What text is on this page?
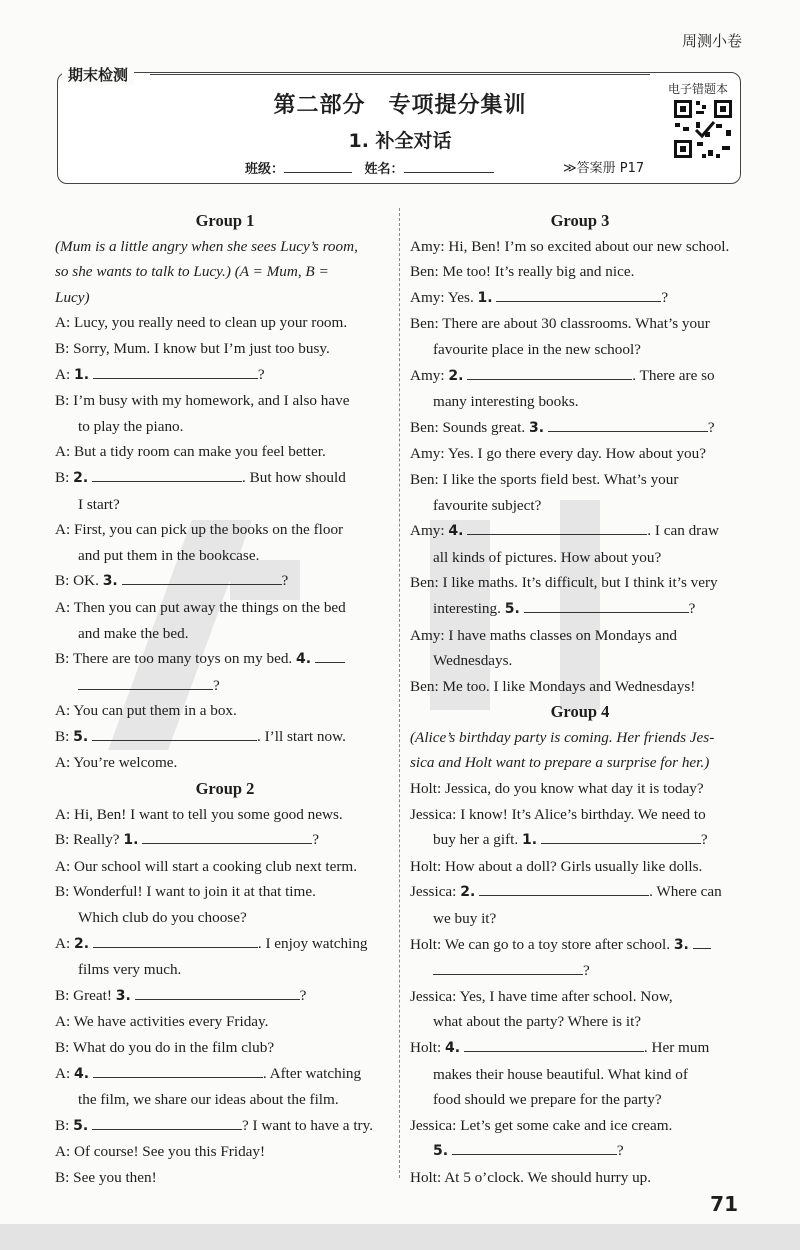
周测小卷
期末检测
第二部分　专项提分集训
1. 补全对话
班级：	姓名：	≫答案册 P17
电子错题本
Group 1
(Mum is a little angry when she sees Lucy’s room,
so she wants to talk to Lucy.) (A = Mum, B =
Lucy)
A: Lucy, you really need to clean up your room.
B: Sorry, Mum. I know but I’m just too busy.
A: 1.	?
B: I’m busy with my homework, and I also have
to play the piano.
A: But a tidy room can make you feel better.
B: 2.	. But how should
I start?
A: First, you can pick up the books on the floor
and put them in the bookcase.
B: OK. 3.	?
A: Then you can put away the things on the bed
and make the bed.
B: There are too many toys on my bed. 4.
?
A: You can put them in a box.
B: 5.	. I’ll start now.
A: You’re welcome.
Group 2
A: Hi, Ben! I want to tell you some good news.
B: Really? 1.	?
A: Our school will start a cooking club next term.
B: Wonderful! I want to join it at that time.
Which club do you choose?
A: 2.	. I enjoy watching
films very much.
B: Great! 3.	?
A: We have activities every Friday.
B: What do you do in the film club?
A: 4.	. After watching
the film, we share our ideas about the film.
B: 5.	? I want to have a try.
A: Of course! See you this Friday!
B: See you then!
Group 3
Amy: Hi, Ben! I’m so excited about our new school.
Ben: Me too! It’s really big and nice.
Amy: Yes. 1.	?
Ben: There are about 30 classrooms. What’s your
favourite place in the new school?
Amy: 2.	. There are so
many interesting books.
Ben: Sounds great. 3.	?
Amy: Yes. I go there every day. How about you?
Ben: I like the sports field best. What’s your
favourite subject?
Amy: 4.	. I can draw
all kinds of pictures. How about you?
Ben: I like maths. It’s difficult, but I think it’s very
interesting. 5.	?
Amy: I have maths classes on Mondays and
Wednesdays.
Ben: Me too. I like Mondays and Wednesdays!
Group 4
(Alice’s birthday party is coming. Her friends Jes-
sica and Holt want to prepare a surprise for her.)
Holt: Jessica, do you know what day it is today?
Jessica: I know! It’s Alice’s birthday. We need to
buy her a gift. 1.	?
Holt: How about a doll? Girls usually like dolls.
Jessica: 2.	. Where can
we buy it?
Holt: We can go to a toy store after school. 3.
?
Jessica: Yes, I have time after school. Now,
what about the party? Where is it?
Holt: 4.	. Her mum
makes their house beautiful. What kind of
food should we prepare for the party?
Jessica: Let’s get some cake and ice cream.
5.	?
Holt: At 5 o’clock. We should hurry up.
71
